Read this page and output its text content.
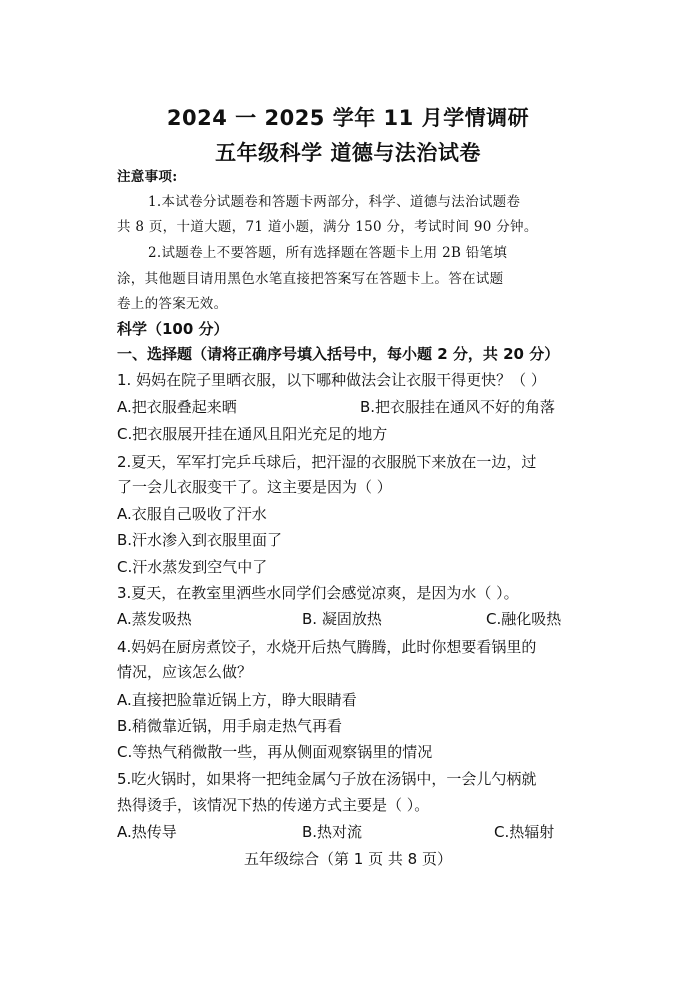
2024 一 2025 学年 11 月学情调研
五年级科学 道德与法治试卷
注意事项:
1.本试卷分试题卷和答题卡两部分，科学、道德与法治试题卷
共 8 页，十道大题，71 道小题，满分 150 分，考试时间 90 分钟。
2.试题卷上不要答题，所有选择题在答题卡上用 2B 铅笔填
涂，其他题目请用黑色水笔直接把答案写在答题卡上。答在试题
卷上的答案无效。
科学（100 分）
一、选择题（请将正确序号填入括号中，每小题 2 分，共 20 分）
1. 妈妈在院子里晒衣服，以下哪种做法会让衣服干得更快？（ ）
A.把衣服叠起来晒	B.把衣服挂在通风不好的角落
C.把衣服展开挂在通风且阳光充足的地方
2.夏天，军军打完乒乓球后，把汗湿的衣服脱下来放在一边，过
了一会儿衣服变干了。这主要是因为（ ）
A.衣服自己吸收了汗水
B.汗水渗入到衣服里面了
C.汗水蒸发到空气中了
3.夏天，在教室里洒些水同学们会感觉凉爽，是因为水（ ）。
A.蒸发吸热	B. 凝固放热	C.融化吸热
4.妈妈在厨房煮饺子，水烧开后热气腾腾，此时你想要看锅里的
情况，应该怎么做？
A.直接把脸靠近锅上方，睁大眼睛看
B.稍微靠近锅，用手扇走热气再看
C.等热气稍微散一些，再从侧面观察锅里的情况
5.吃火锅时，如果将一把纯金属勺子放在汤锅中，一会儿勺柄就
热得烫手，该情况下热的传递方式主要是（ ）。
A.热传导	B.热对流	C.热辐射
五年级综合（第 1 页 共 8 页）
